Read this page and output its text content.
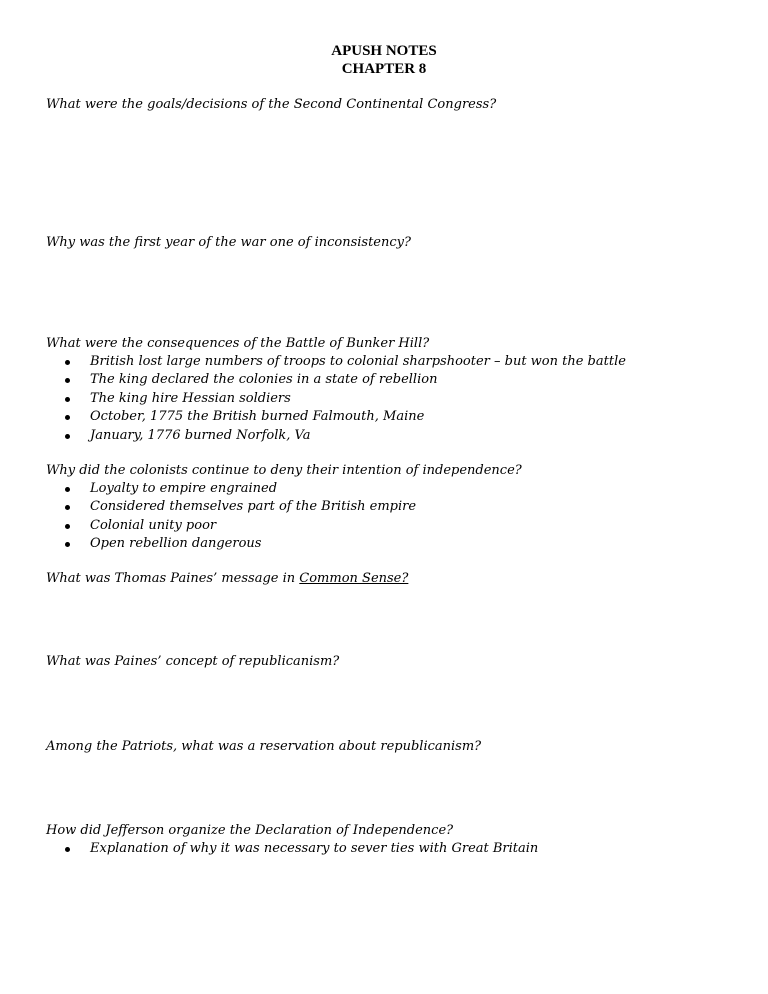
APUSH NOTES
CHAPTER 8
What were the goals/decisions of the Second Continental Congress?
Why was the first year of the war one of inconsistency?
What were the consequences of the Battle of Bunker Hill?
British lost large numbers of troops to colonial sharpshooter – but won the battle
The king declared the colonies in a state of rebellion
The king hire Hessian soldiers
October, 1775 the British burned Falmouth, Maine
January, 1776 burned Norfolk, Va
Why did the colonists continue to deny their intention of independence?
Loyalty to empire engrained
Considered themselves part of the British empire
Colonial unity poor
Open rebellion dangerous
What was Thomas Paines’ message in Common Sense?
What was Paines’ concept of republicanism?
Among the Patriots, what was a reservation about republicanism?
How did Jefferson organize the Declaration of Independence?
Explanation of why it was necessary to sever ties with Great Britain
